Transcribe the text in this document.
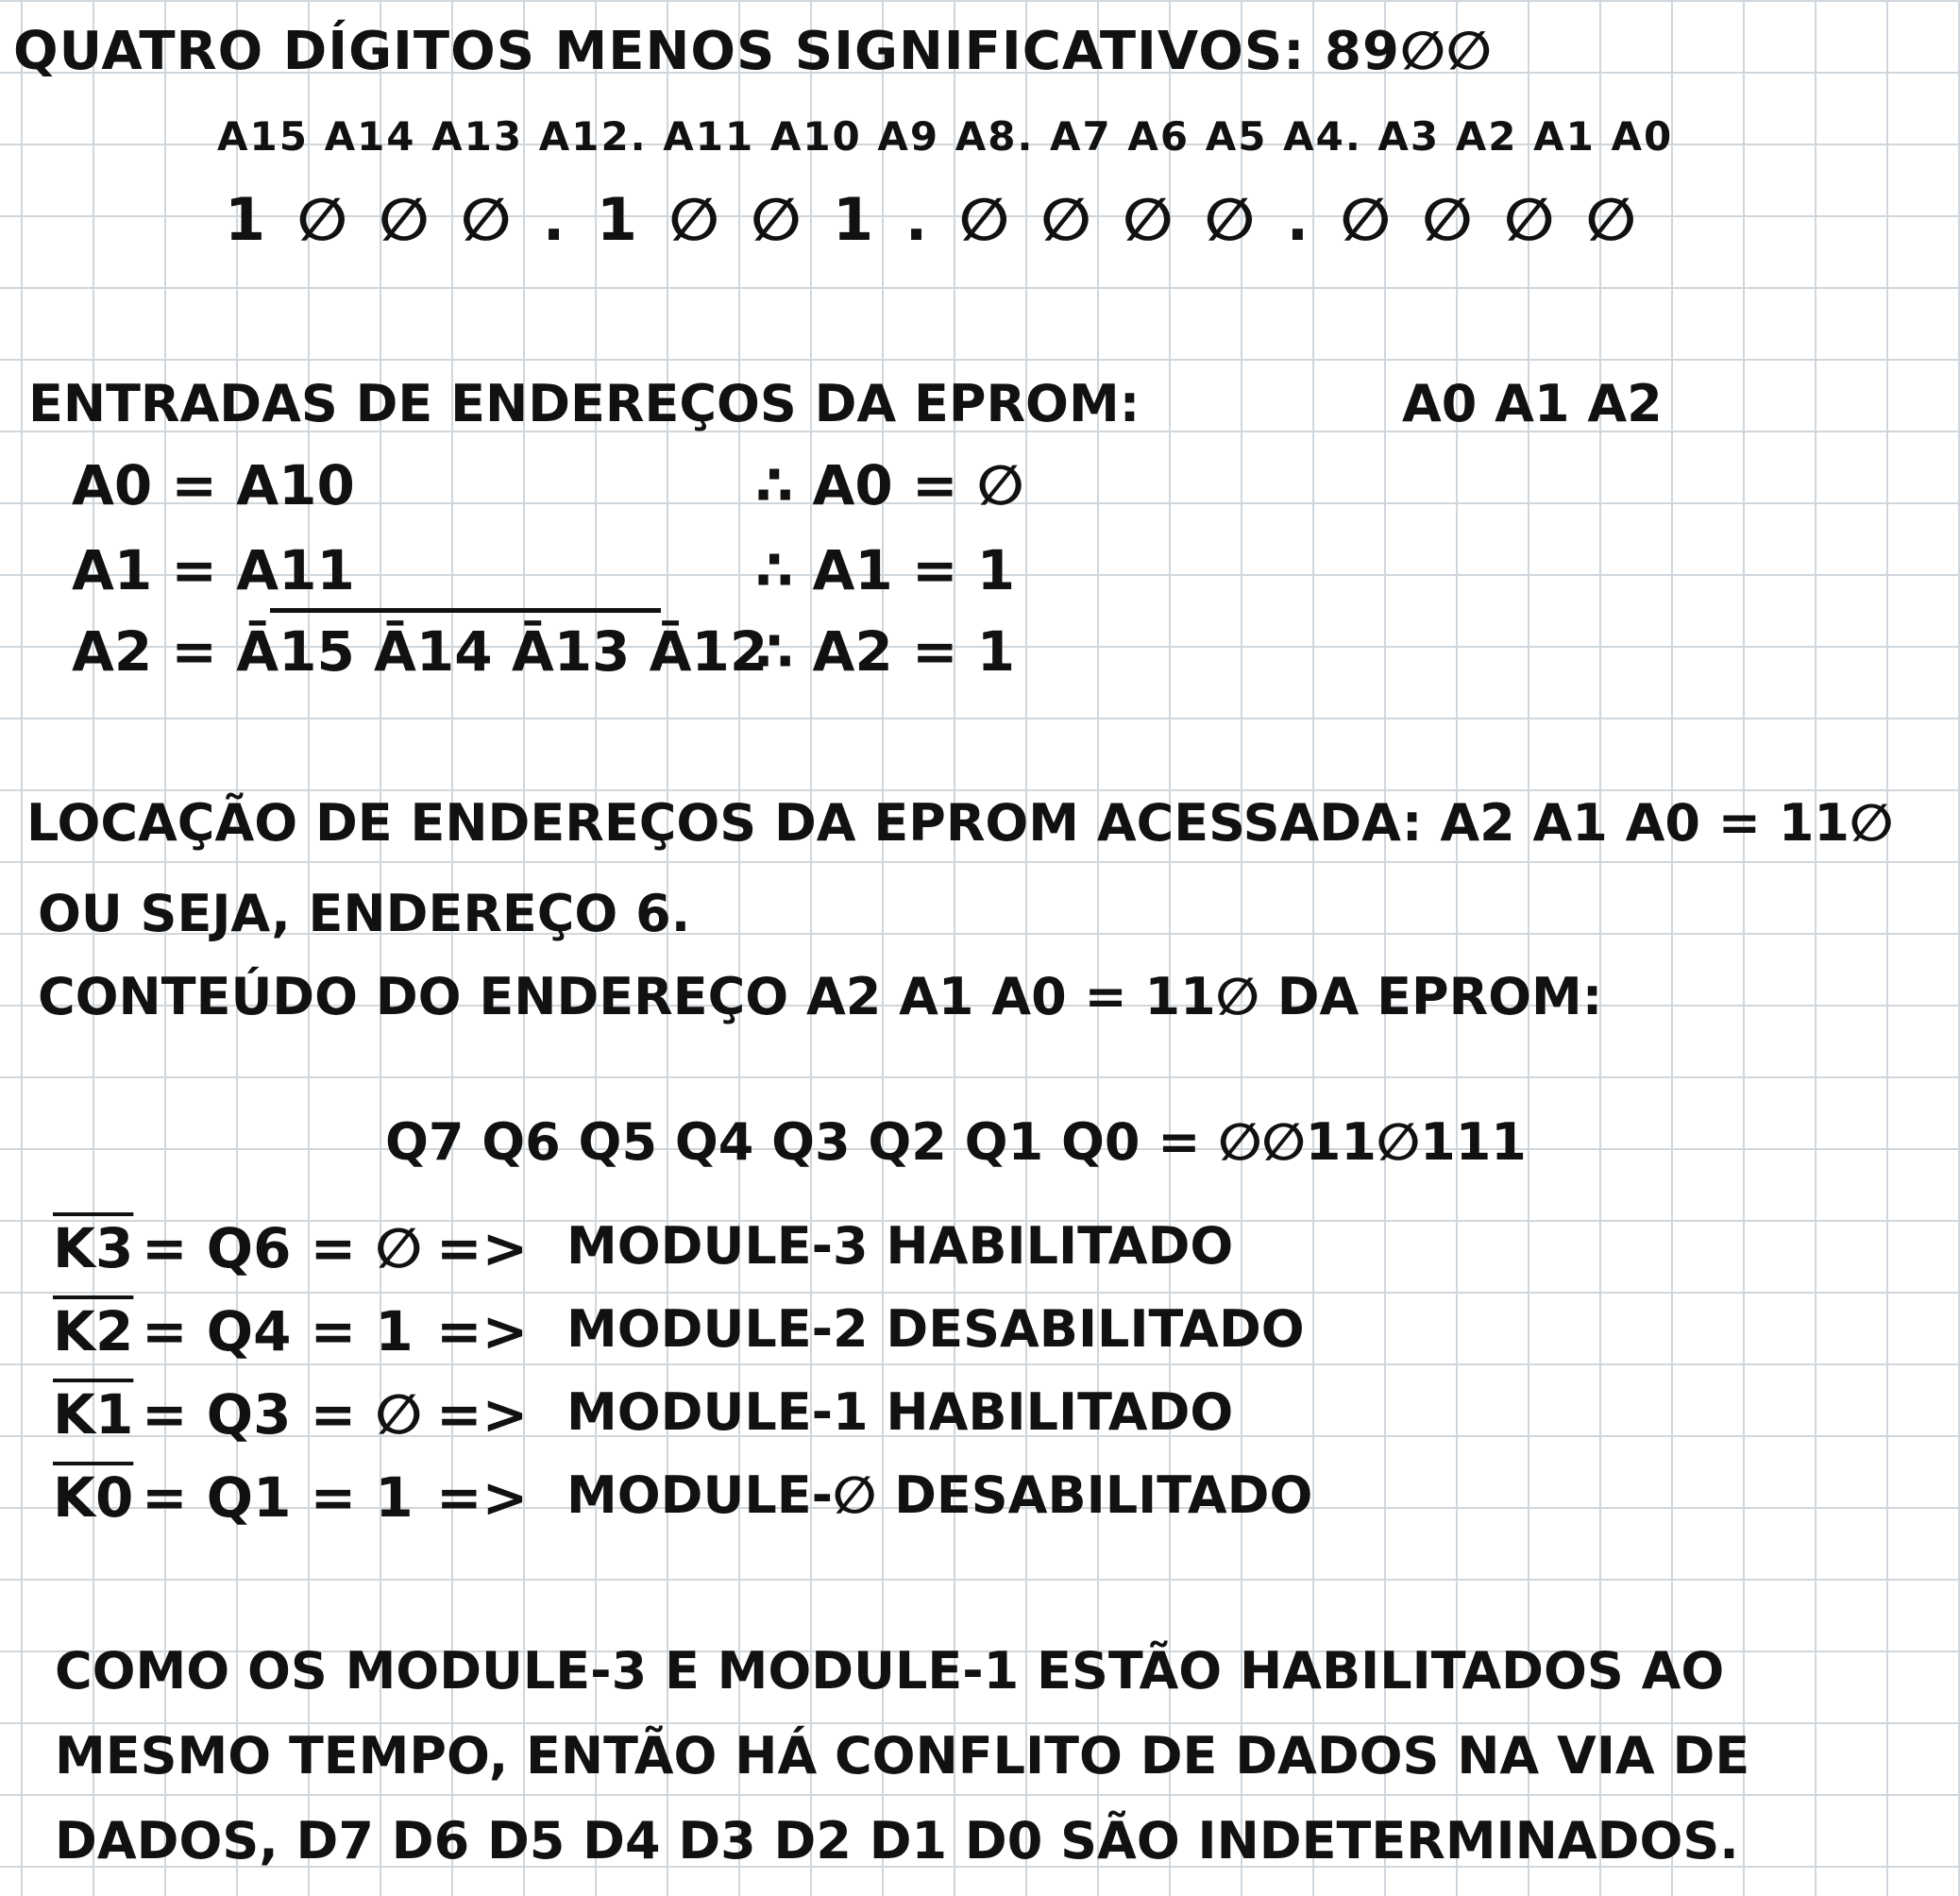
QUATRO DÍGITOS MENOS SIGNIFICATIVOS: 89∅∅
A15 A14 A13 A12. A11 A10 A9 A8. A7 A6 A5 A4. A3 A2 A1 A0
1 ∅ ∅ ∅ . 1 ∅ ∅ 1 . ∅ ∅ ∅ ∅ . ∅ ∅ ∅ ∅
ENTRADAS DE ENDEREÇOS DA EPROM:	A0 A1 A2
A0 = A10
A1 = A11
A2 = Ā15 Ā14 Ā13 Ā12
∴ A0 = ∅
∴ A1 = 1
∴ A2 = 1
LOCAÇÃO DE ENDEREÇOS DA EPROM ACESSADA: A2 A1 A0 = 11∅
OU SEJA, ENDEREÇO 6.
CONTEÚDO DO ENDEREÇO A2 A1 A0 = 11∅ DA EPROM:
Q7 Q6 Q5 Q4 Q3 Q2 Q1 Q0 = ∅∅11∅111
K3 = Q6 = ∅ => MODULE-3 HABILITADO
K2 = Q4 = 1 => MODULE-2 DESABILITADO
K1 = Q3 = ∅ => MODULE-1 HABILITADO
K0 = Q1 = 1 => MODULE-∅ DESABILITADO
COMO OS MODULE-3 E MODULE-1 ESTÃO HABILITADOS AO
MESMO TEMPO, ENTÃO HÁ CONFLITO DE DADOS NA VIA DE
DADOS, D7 D6 D5 D4 D3 D2 D1 D0 SÃO INDETERMINADOS.
